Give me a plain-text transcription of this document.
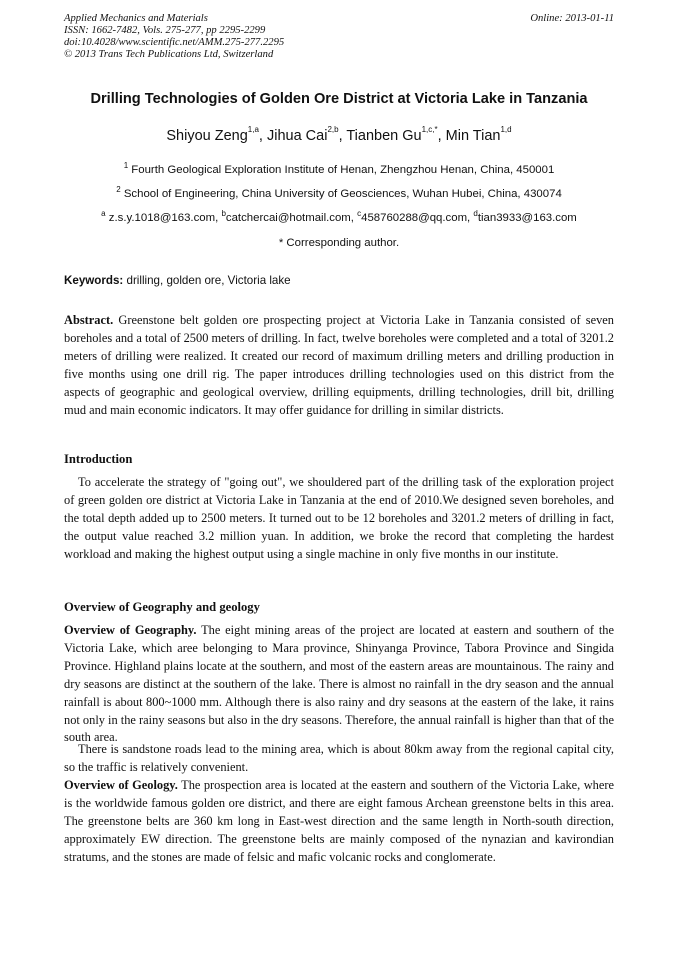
Applied Mechanics and Materials
ISSN: 1662-7482, Vols. 275-277, pp 2295-2299
doi:10.4028/www.scientific.net/AMM.275-277.2295
© 2013 Trans Tech Publications Ltd, Switzerland
Online: 2013-01-11
Drilling Technologies of Golden Ore District at Victoria Lake in Tanzania
Shiyou Zeng$^{1,a}$, Jihua Cai$^{2,b}$, Tianben $Gu^{1,c,*}$, Min Tian$^{1,d}$
$^1$ Fourth Geological Exploration Institute of Henan, Zhengzhou Henan, China, 450001
$^2$ School of Engineering, China University of Geosciences, Wuhan Hubei, China, 430074
$^a$ z.s.y.1018@163.com, $^b$catchercai@hotmail.com, $^c$458760288@qq.com, $^d$tian3933@163.com
* Corresponding author.
Keywords: drilling, golden ore, Victoria lake
Abstract. Greenstone belt golden ore prospecting project at Victoria Lake in Tanzania consisted of seven boreholes and a total of 2500 meters of drilling. In fact, twelve boreholes were completed and a total of 3201.2 meters of drilling were realized. It created our record of maximum drilling meters and drilling production in five months using one drill rig. The paper introduces drilling technologies used on this district from the aspects of geographic and geological overview, drilling equipments, drilling technologies, drill bit, drilling mud and main economic indicators. It may offer guidance for drilling in similar districts.
Introduction
To accelerate the strategy of "going out", we shouldered part of the drilling task of the exploration project of green golden ore district at Victoria Lake in Tanzania at the end of 2010.We designed seven boreholes, and the total depth added up to 2500 meters. It turned out to be 12 boreholes and 3201.2 meters of drilling in fact, the output value reached 3.2 million yuan. In addition, we broke the record that completing the hardest workload and making the highest output using a single machine in only five months in our institute.
Overview of Geography and geology
Overview of Geography. The eight mining areas of the project are located at eastern and southern of the Victoria Lake, which aree belonging to Mara province, Shinyanga Province, Tabora Province and Singida Province. Highland plains locate at the southern, and most of the eastern areas are mountainous. The rainy and dry seasons are distinct at the southern of the lake. There is almost no rainfall in the dry season and the annual rainfall is about 800~1000 mm. Although there is also rainy and dry seasons at the eastern of the lake, it rains not only in the rainy seasons but also in the dry seasons. Therefore, the annual rainfall is higher than that of the south area.
There is sandstone roads lead to the mining area, which is about 80km away from the regional capital city, so the traffic is relatively convenient.
Overview of Geology. The prospection area is located at the eastern and southern of the Victoria Lake, where is the worldwide famous golden ore district, and there are eight famous Archean greenstone belts in this area. The greenstone belts are 360 km long in East-west direction and the same length in North-south direction, approximately EW direction. The greenstone belts are mainly composed of the nynazian and kavirondian stratums, and the stones are made of felsic and mafic volcanic rocks and conglomerate.
